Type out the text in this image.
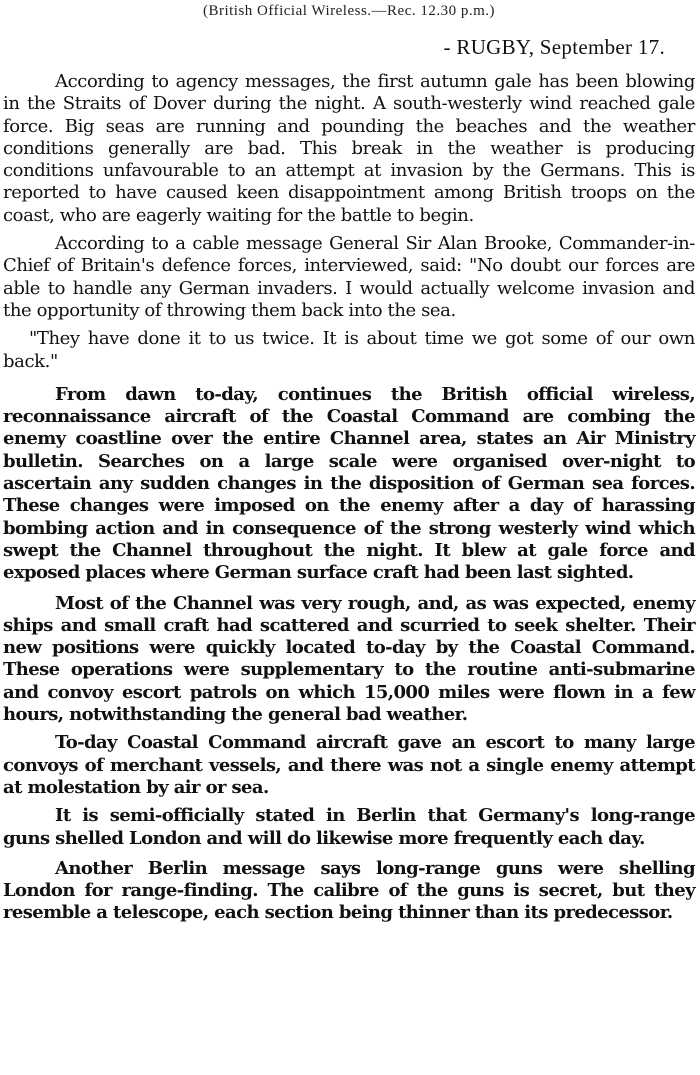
(British Official Wireless.—Rec. 12.30 p.m.)

- RUGBY, September 17.

According to agency messages, the first autumn gale has been blowing in the Straits of Dover during the night. A south-westerly wind reached gale force. Big seas are running and pounding the beaches and the weather conditions generally are bad. This break in the weather is producing conditions unfavourable to an attempt at invasion by the Germans. This is reported to have caused keen disappointment among British troops on the coast, who are eagerly waiting for the battle to begin.

According to a cable message General Sir Alan Brooke, Commander-in-Chief of Britain's defence forces, interviewed, said: "No doubt our forces are able to handle any German invaders. I would actually welcome invasion and the opportunity of throwing them back into the sea.

"They have done it to us twice. It is about time we got some of our own back."

From dawn to-day, continues the British official wireless, reconnaissance aircraft of the Coastal Command are combing the enemy coastline over the entire Channel area, states an Air Ministry bulletin. Searches on a large scale were organised over-night to ascertain any sudden changes in the disposition of German sea forces. These changes were imposed on the enemy after a day of harassing bombing action and in consequence of the strong westerly wind which swept the Channel throughout the night. It blew at gale force and exposed places where German surface craft had been last sighted.

Most of the Channel was very rough, and, as was expected, enemy ships and small craft had scattered and scurried to seek shelter. Their new positions were quickly located to-day by the Coastal Command. These operations were supplementary to the routine anti-submarine and convoy escort patrols on which 15,000 miles were flown in a few hours, notwithstanding the general bad weather.

To-day Coastal Command aircraft gave an escort to many large convoys of merchant vessels, and there was not a single enemy attempt at molestation by air or sea.

It is semi-officially stated in Berlin that Germany's long-range guns shelled London and will do likewise more frequently each day.

Another Berlin message says long-range guns were shelling London for range-finding. The calibre of the guns is secret, but they resemble a telescope, each section being thinner than its predecessor.
